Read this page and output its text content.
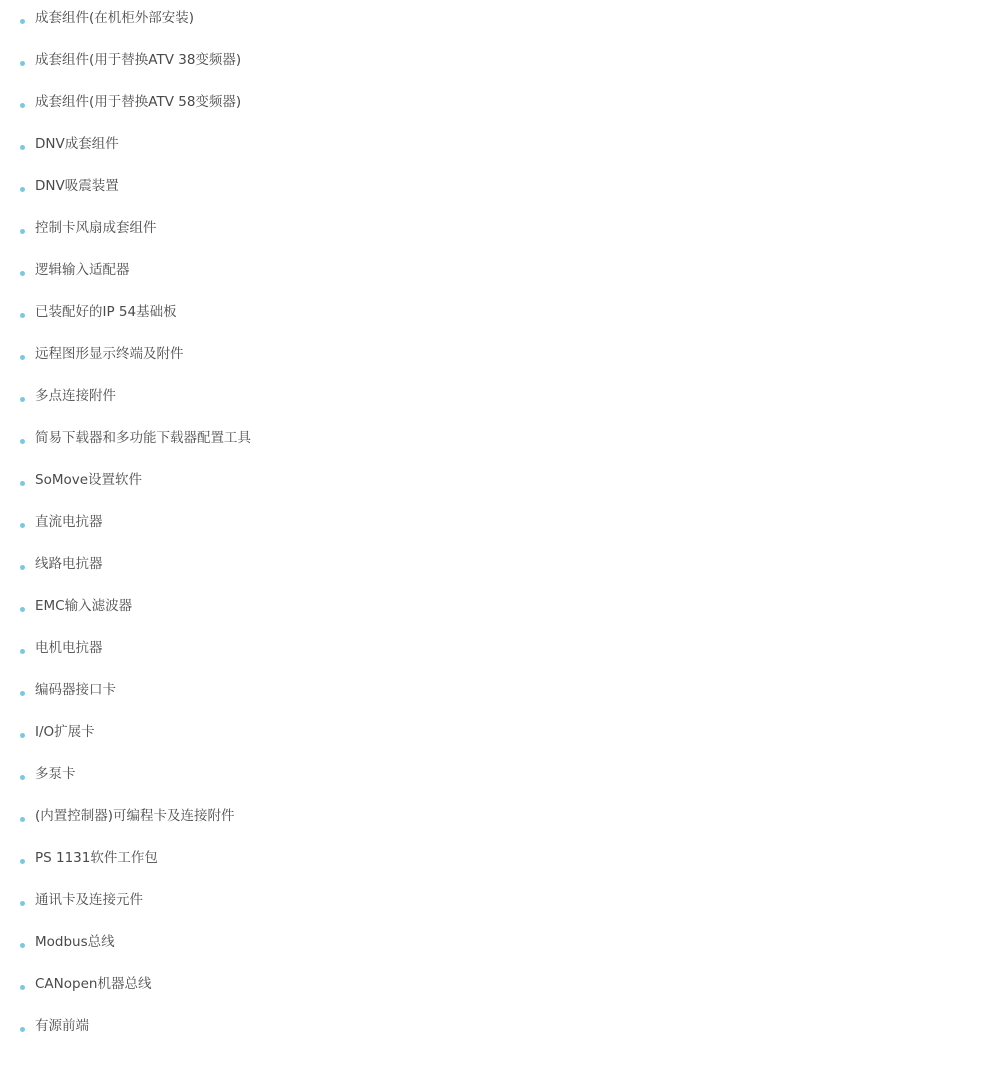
成套组件(在机柜外部安装)
成套组件(用于替换ATV 38变频器)
成套组件(用于替换ATV 58变频器)
DNV成套组件
DNV吸震装置
控制卡风扇成套组件
逻辑输入适配器
已装配好的IP 54基础板
远程图形显示终端及附件
多点连接附件
简易下载器和多功能下载器配置工具
SoMove设置软件
直流电抗器
线路电抗器
EMC输入滤波器
电机电抗器
编码器接口卡
I/O扩展卡
多泵卡
(内置控制器)可编程卡及连接附件
PS 1131软件工作包
通讯卡及连接元件
Modbus总线
CANopen机器总线
有源前端
